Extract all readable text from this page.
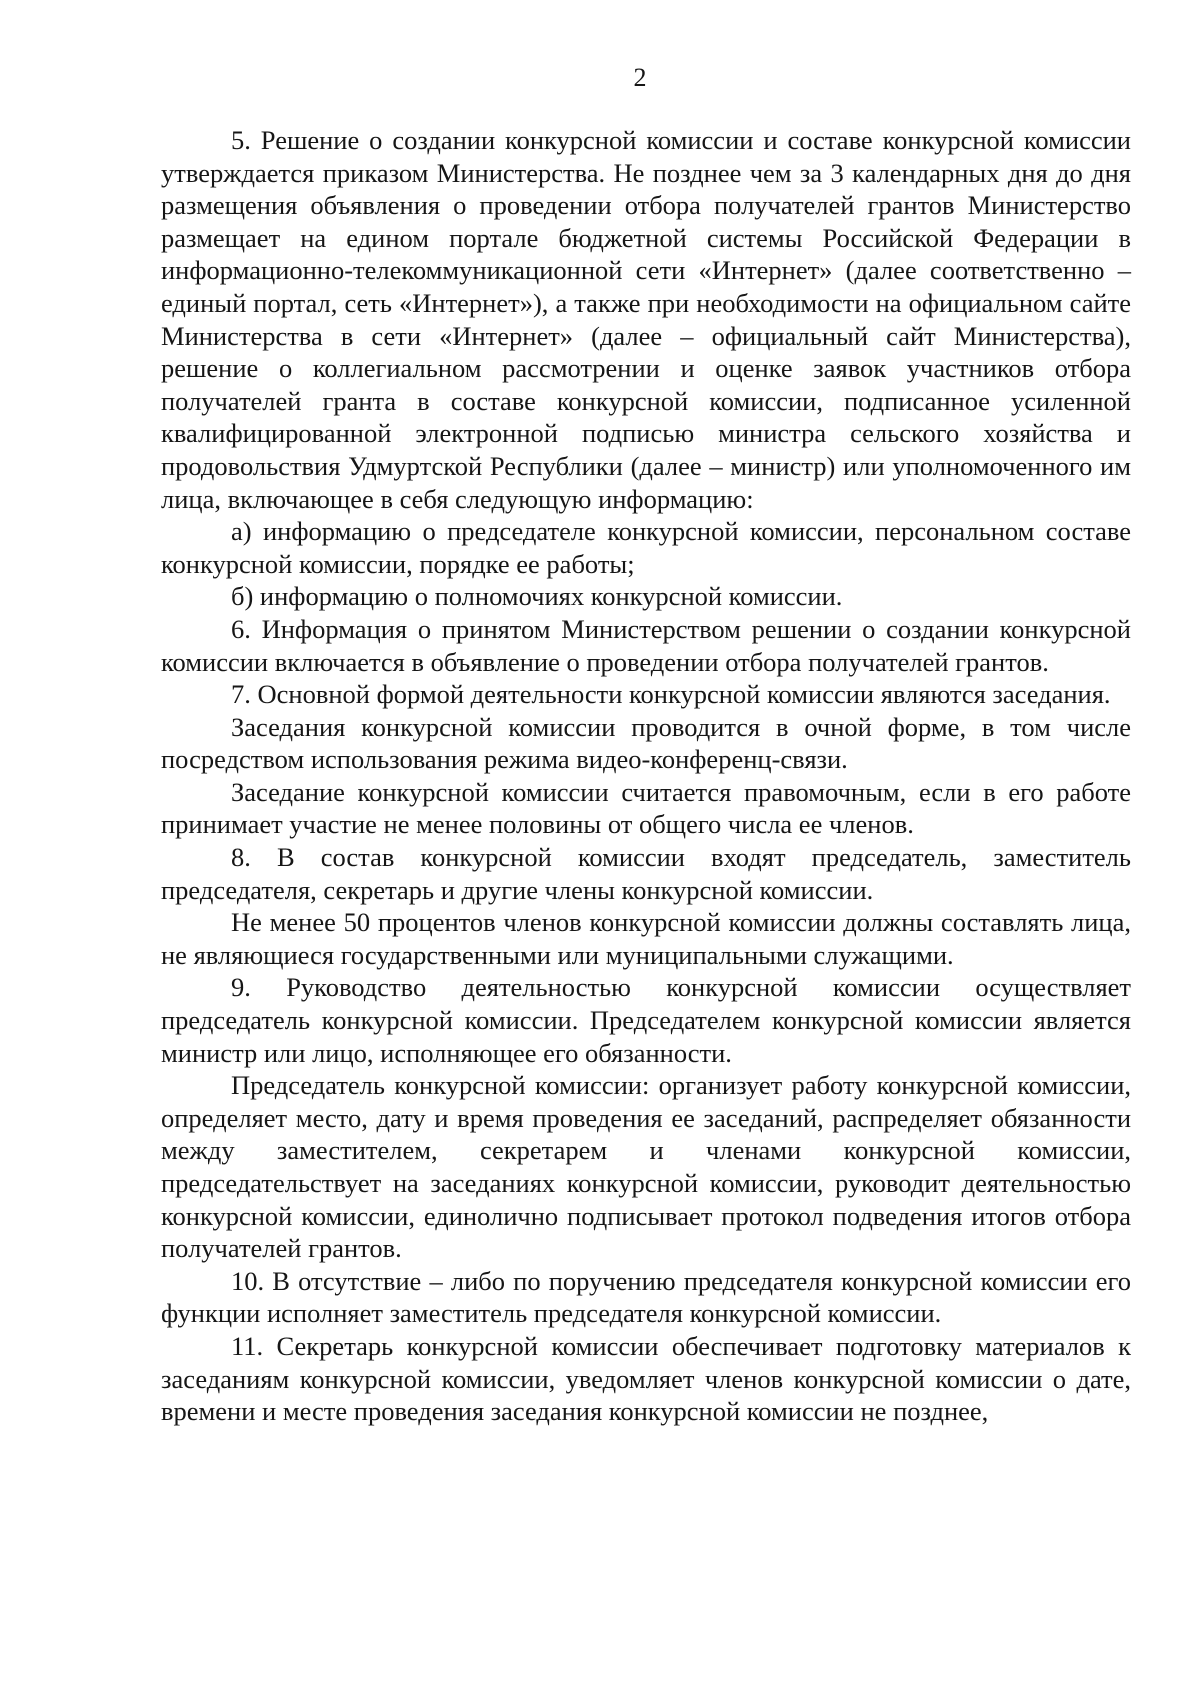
2

5. Решение о создании конкурсной комиссии и составе конкурсной комиссии утверждается приказом Министерства. Не позднее чем за 3 календарных дня до дня размещения объявления о проведении отбора получателей грантов Министерство размещает на едином портале бюджетной системы Российской Федерации в информационно-телекоммуникационной сети «Интернет» (далее соответственно – единый портал, сеть «Интернет»), а также при необходимости на официальном сайте Министерства в сети «Интернет» (далее – официальный сайт Министерства), решение о коллегиальном рассмотрении и оценке заявок участников отбора получателей гранта в составе конкурсной комиссии, подписанное усиленной квалифицированной электронной подписью министра сельского хозяйства и продовольствия Удмуртской Республики (далее – министр) или уполномоченного им лица, включающее в себя следующую информацию:

а) информацию о председателе конкурсной комиссии, персональном составе конкурсной комиссии, порядке ее работы;

б) информацию о полномочиях конкурсной комиссии.

6. Информация о принятом Министерством решении о создании конкурсной комиссии включается в объявление о проведении отбора получателей грантов.

7. Основной формой деятельности конкурсной комиссии являются заседания.

Заседания конкурсной комиссии проводится в очной форме, в том числе посредством использования режима видео-конференц-связи.

Заседание конкурсной комиссии считается правомочным, если в его работе принимает участие не менее половины от общего числа ее членов.

8. В состав конкурсной комиссии входят председатель, заместитель председателя, секретарь и другие члены конкурсной комиссии.

Не менее 50 процентов членов конкурсной комиссии должны составлять лица, не являющиеся государственными или муниципальными служащими.

9. Руководство деятельностью конкурсной комиссии осуществляет председатель конкурсной комиссии. Председателем конкурсной комиссии является министр или лицо, исполняющее его обязанности.

Председатель конкурсной комиссии: организует работу конкурсной комиссии, определяет место, дату и время проведения ее заседаний, распределяет обязанности между заместителем, секретарем и членами конкурсной комиссии, председательствует на заседаниях конкурсной комиссии, руководит деятельностью конкурсной комиссии, единолично подписывает протокол подведения итогов отбора получателей грантов.

10. В отсутствие – либо по поручению председателя конкурсной комиссии его функции исполняет заместитель председателя конкурсной комиссии.

11. Секретарь конкурсной комиссии обеспечивает подготовку материалов к заседаниям конкурсной комиссии, уведомляет членов конкурсной комиссии о дате, времени и месте проведения заседания конкурсной комиссии не позднее,
